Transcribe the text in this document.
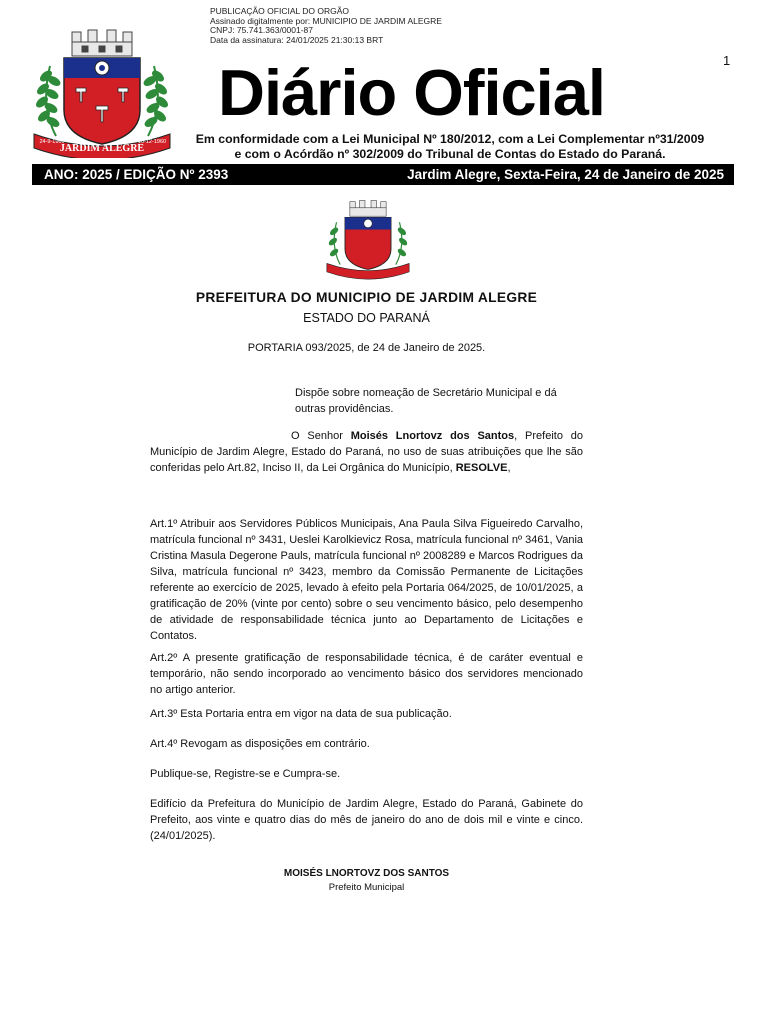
PUBLICAÇÃO OFICIAL DO ORGÃO
Assinado digitalmente por: MUNICIPIO DE JARDIM ALEGRE
CNPJ: 75.741.363/0001-87
Data da assinatura: 24/01/2025 21:30:13 BRT
1
JARDIM ALEGRE
24-9-1960	10-12-1960
Diário Oficial
Em conformidade com a Lei Municipal Nº 180/2012, com a Lei Complementar nº31/2009
e com o Acórdão nº 302/2009 do Tribunal de Contas do Estado do Paraná.
ANO: 2025 / EDIÇÃO Nº 2393	Jardim Alegre, Sexta-Feira, 24 de Janeiro de 2025
PREFEITURA DO MUNICIPIO DE JARDIM ALEGRE
ESTADO DO PARANÁ
PORTARIA 093/2025, de 24 de Janeiro de 2025.
Dispõe sobre nomeação de Secretário Municipal e dá outras providências.
O Senhor Moisés Lnortovz dos Santos, Prefeito do Município de Jardim Alegre, Estado do Paraná, no uso de suas atribuições que lhe são conferidas pelo Art.82, Inciso II, da Lei Orgânica do Município, RESOLVE,
Art.1º Atribuir aos Servidores Públicos Municipais, Ana Paula Silva Figueiredo Carvalho, matrícula funcional nº 3431, Ueslei Karolkievicz Rosa, matrícula funcional nº 3461, Vania Cristina Masula Degerone Pauls, matrícula funcional nº 2008289 e Marcos Rodrigues da Silva, matrícula funcional nº 3423, membro da Comissão Permanente de Licitações referente ao exercício de 2025, levado à efeito pela Portaria 064/2025, de 10/01/2025, a gratificação de 20% (vinte por cento) sobre o seu vencimento básico, pelo desempenho de atividade de responsabilidade técnica junto ao Departamento de Licitações e Contatos.
Art.2º A presente gratificação de responsabilidade técnica, é de caráter eventual e temporário, não sendo incorporado ao vencimento básico dos servidores mencionado no artigo anterior.
Art.3º Esta Portaria entra em vigor na data de sua publicação.
Art.4º Revogam as disposições em contrário.
Publique-se, Registre-se e Cumpra-se.
Edifício da Prefeitura do Município de Jardim Alegre, Estado do Paraná, Gabinete do Prefeito, aos vinte e quatro dias do mês de janeiro do ano de dois mil e vinte e cinco. (24/01/2025).
MOISÉS LNORTOVZ DOS SANTOS
Prefeito Municipal
